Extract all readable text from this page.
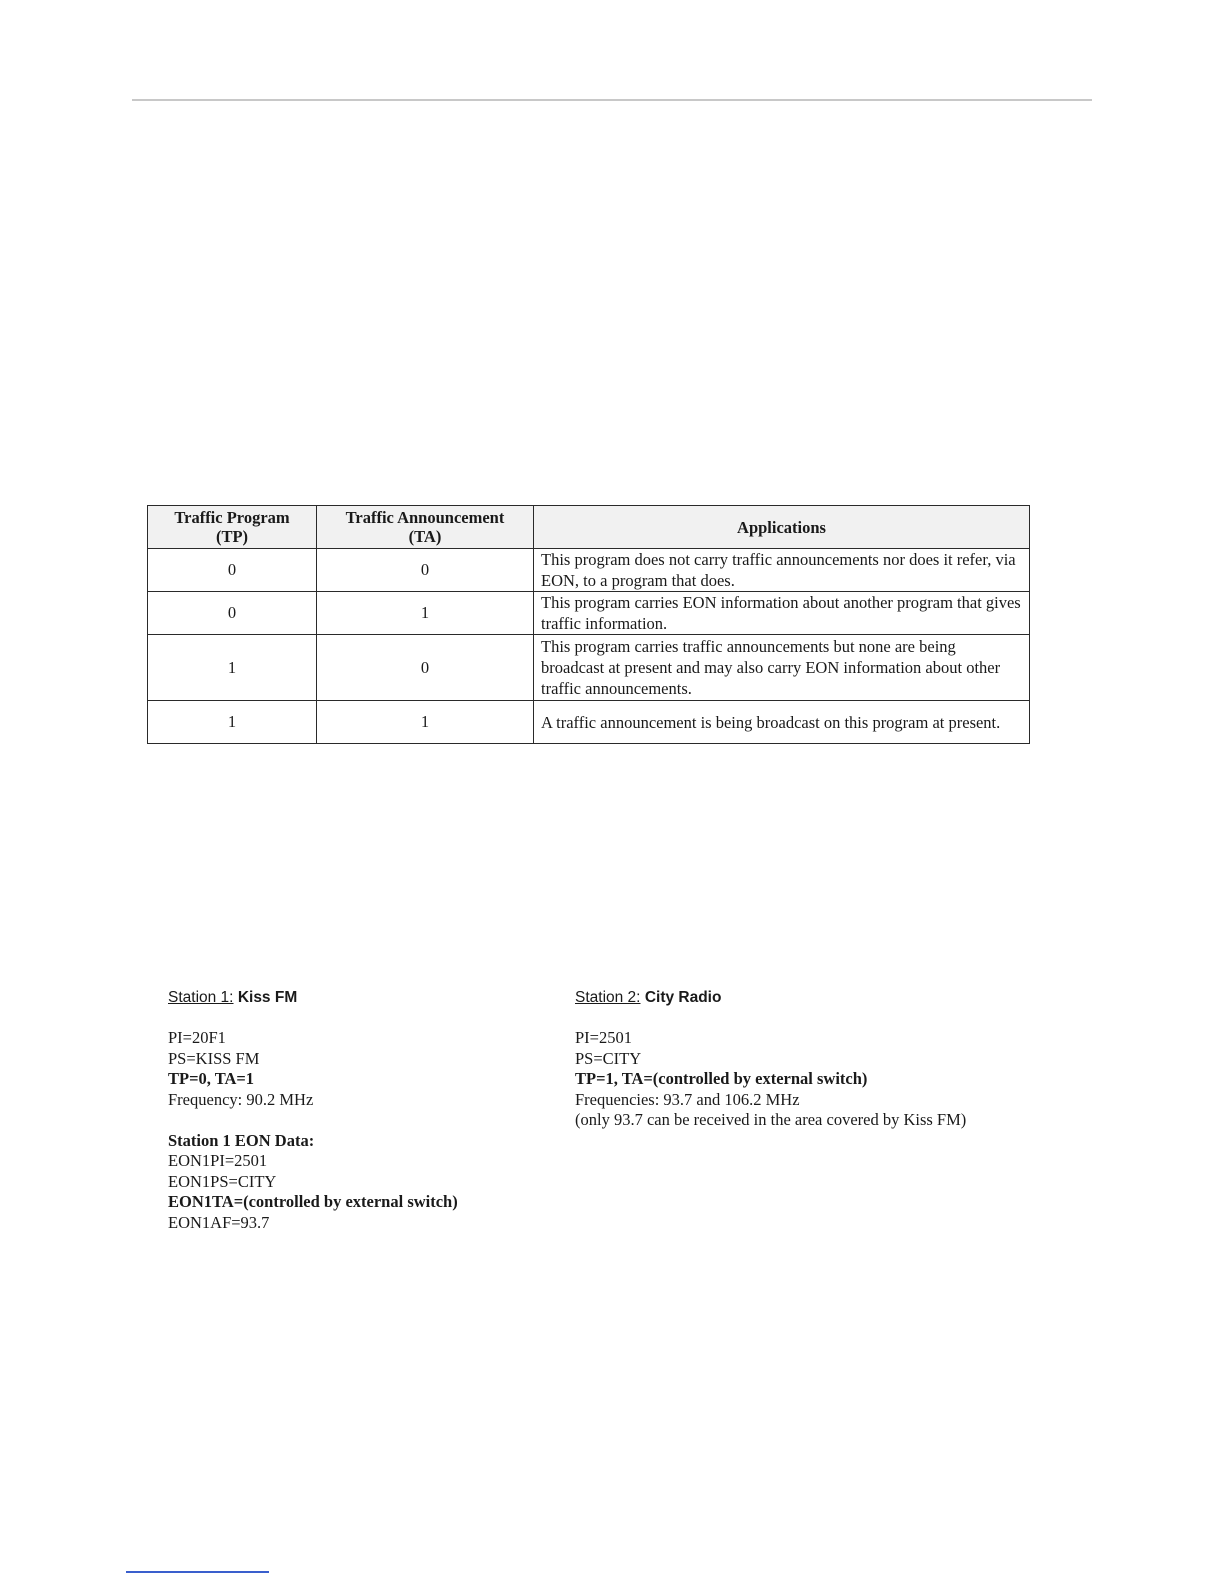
Traffic Program
(TP)	Traffic Announcement
(TA)	Applications
0	0	This program does not carry traffic announcements nor does it refer, via EON, to a program that does.
0	1	This program carries EON information about another program that gives traffic information.
1	0	This program carries traffic announcements but none are being broadcast at present and may also carry EON information about other traffic announcements.
1	1	A traffic announcement is being broadcast on this program at present.
Station 1: Kiss FM
PI=20F1
PS=KISS FM
TP=0, TA=1
Frequency: 90.2 MHz
Station 1 EON Data:
EON1PI=2501
EON1PS=CITY
EON1TA=(controlled by external switch)
EON1AF=93.7
Station 2: City Radio
PI=2501
PS=CITY
TP=1, TA=(controlled by external switch)
Frequencies: 93.7 and 106.2 MHz
(only 93.7 can be received in the area covered by Kiss FM)
